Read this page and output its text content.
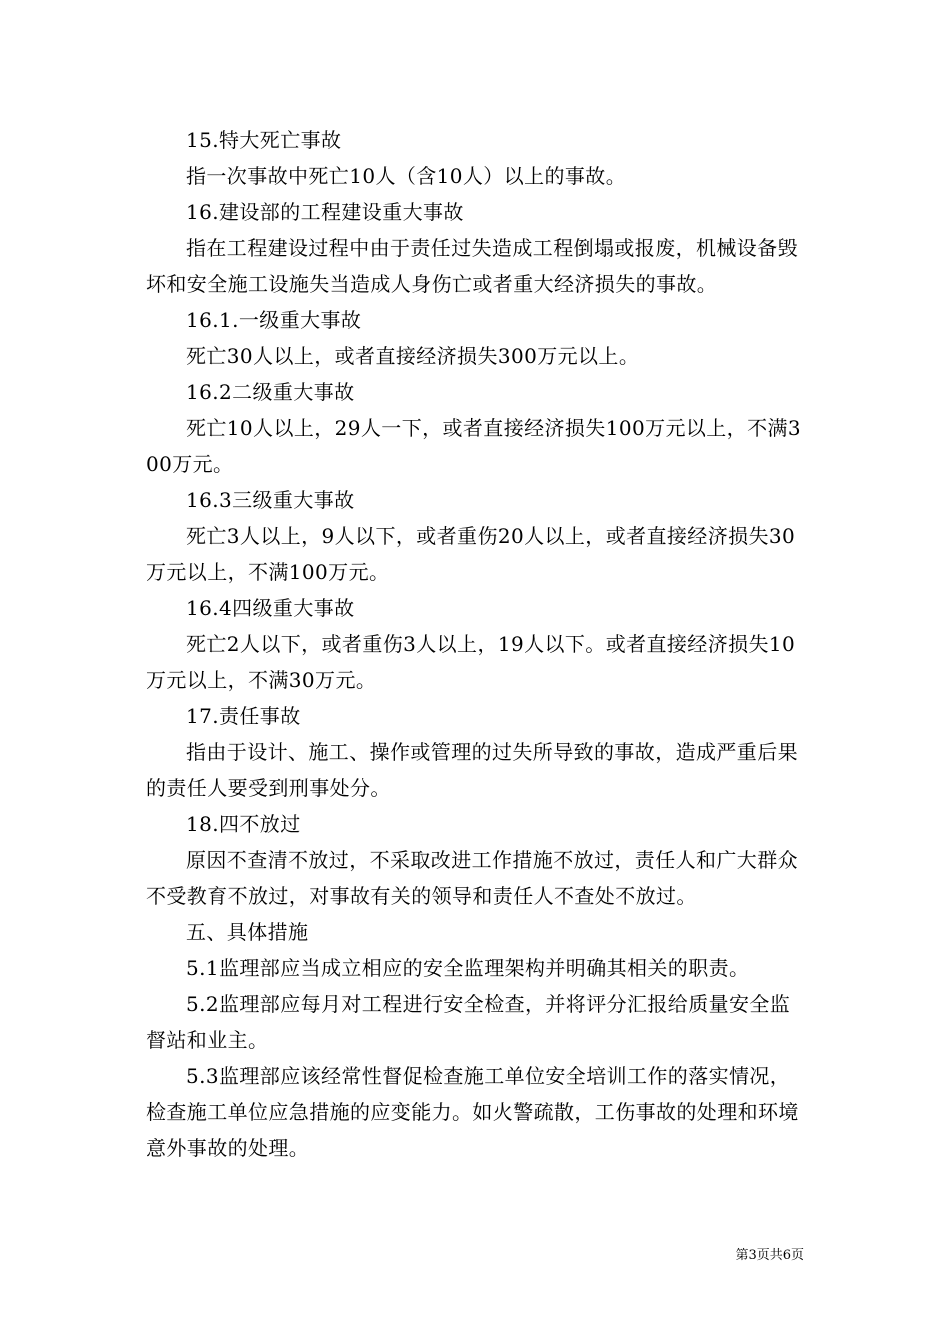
15.特大死亡事故

指一次事故中死亡10人（含10人）以上的事故。

16.建设部的工程建设重大事故

指在工程建设过程中由于责任过失造成工程倒塌或报废，机械设备毁坏和安全施工设施失当造成人身伤亡或者重大经济损失的事故。

16.1.一级重大事故

死亡30人以上，或者直接经济损失300万元以上。

16.2二级重大事故

死亡10人以上，29人一下，或者直接经济损失100万元以上，不满300万元。

16.3三级重大事故

死亡3人以上，9人以下，或者重伤20人以上，或者直接经济损失30万元以上，不满100万元。

16.4四级重大事故

死亡2人以下，或者重伤3人以上，19人以下。或者直接经济损失10万元以上，不满30万元。

17.责任事故

指由于设计、施工、操作或管理的过失所导致的事故，造成严重后果的责任人要受到刑事处分。

18.四不放过

原因不查清不放过，不采取改进工作措施不放过，责任人和广大群众不受教育不放过，对事故有关的领导和责任人不查处不放过。

五、具体措施

5.1监理部应当成立相应的安全监理架构并明确其相关的职责。

5.2监理部应每月对工程进行安全检查，并将评分汇报给质量安全监督站和业主。

5.3监理部应该经常性督促检查施工单位安全培训工作的落实情况，检查施工单位应急措施的应变能力。如火警疏散，工伤事故的处理和环境意外事故的处理。

第3页共6页
